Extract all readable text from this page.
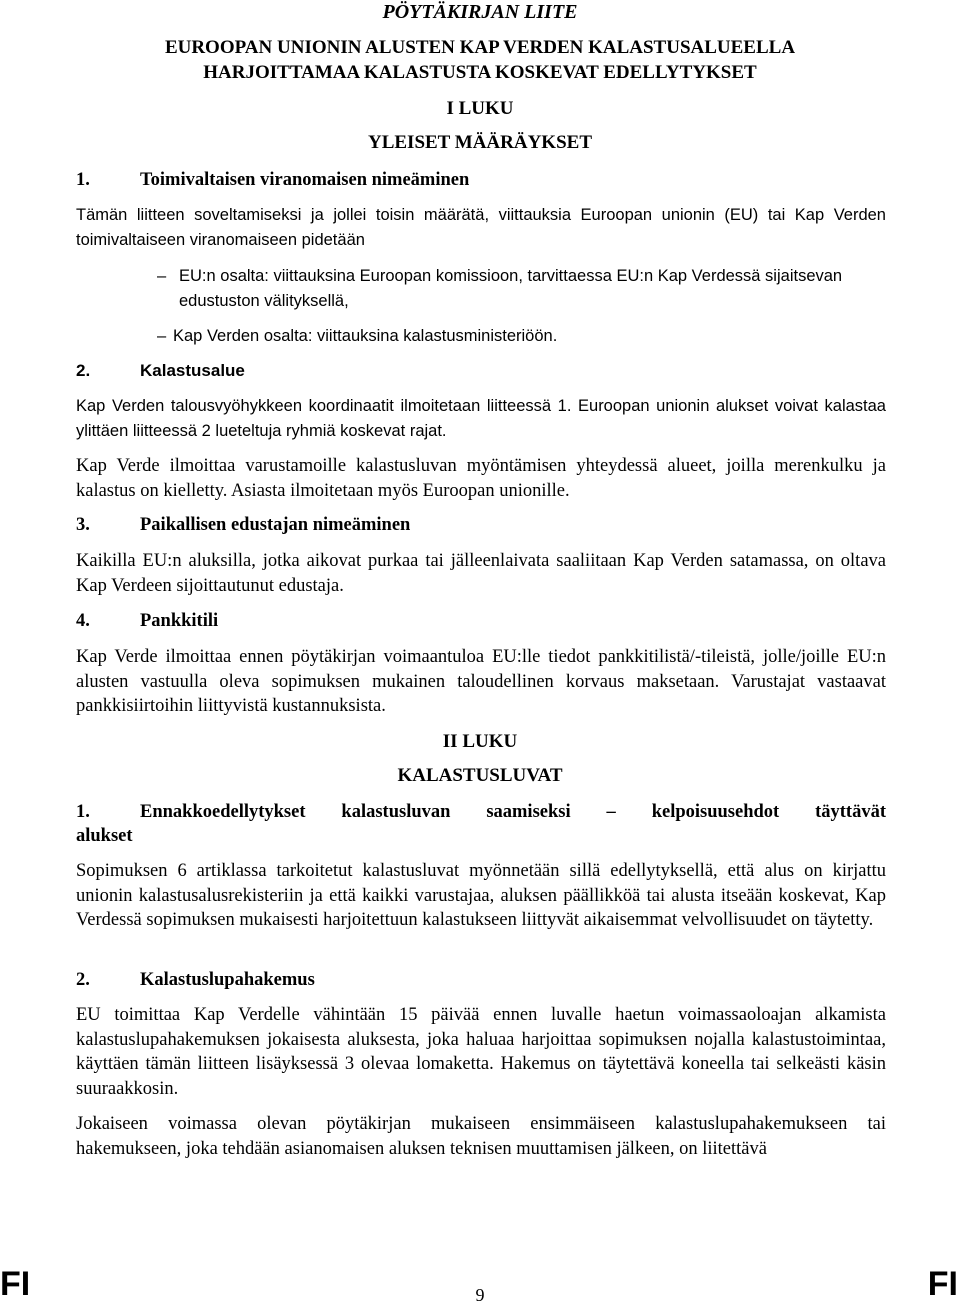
PÖYTÄKIRJAN LIITE
EUROOPAN UNIONIN ALUSTEN KAP VERDEN KALASTUSALUEELLA
HARJOITTAMAA KALASTUSTA KOSKEVAT EDELLYTYKSET
I LUKU
YLEISET MÄÄRÄYKSET
1.	Toimivaltaisen viranomaisen nimeäminen
Tämän liitteen soveltamiseksi ja jollei toisin määrätä, viittauksia Euroopan unionin (EU) tai Kap Verden toimivaltaiseen viranomaiseen pidetään
– EU:n osalta: viittauksina Euroopan komissioon, tarvittaessa EU:n Kap Verdessä sijaitsevan edustuston välityksellä,
– Kap Verden osalta: viittauksina kalastusministeriöön.
2.	Kalastusalue
Kap Verden talousvyöhykkeen koordinaatit ilmoitetaan liitteessä 1. Euroopan unionin alukset voivat kalastaa ylittäen liitteessä 2 lueteltuja ryhmiä koskevat rajat.
Kap Verde ilmoittaa varustamoille kalastusluvan myöntämisen yhteydessä alueet, joilla merenkulku ja kalastus on kielletty. Asiasta ilmoitetaan myös Euroopan unionille.
3.	Paikallisen edustajan nimeäminen
Kaikilla EU:n aluksilla, jotka aikovat purkaa tai jälleenlaivata saaliitaan Kap Verden satamassa, on oltava Kap Verdeen sijoittautunut edustaja.
4.	Pankkitili
Kap Verde ilmoittaa ennen pöytäkirjan voimaantuloa EU:lle tiedot pankkitilistä/-tileistä, jolle/joille EU:n alusten vastuulla oleva sopimuksen mukainen taloudellinen korvaus maksetaan. Varustajat vastaavat pankkisiirtoihin liittyvistä kustannuksista.
II LUKU
KALASTUSLUVAT
1.	Ennakkoedellytykset kalastusluvan saamiseksi – kelpoisuusehdot täyttävät
alukset
Sopimuksen 6 artiklassa tarkoitetut kalastusluvat myönnetään sillä edellytyksellä, että alus on kirjattu unionin kalastusalusrekisteriin ja että kaikki varustajaa, aluksen päällikköä tai alusta itseään koskevat, Kap Verdessä sopimuksen mukaisesti harjoitettuun kalastukseen liittyvät aikaisemmat velvollisuudet on täytetty.
2.	Kalastuslupahakemus
EU toimittaa Kap Verdelle vähintään 15 päivää ennen luvalle haetun voimassaoloajan alkamista kalastuslupahakemuksen jokaisesta aluksesta, joka haluaa harjoittaa sopimuksen nojalla kalastustoimintaa, käyttäen tämän liitteen lisäyksessä 3 olevaa lomaketta. Hakemus on täytettävä koneella tai selkeästi käsin suuraakkosin.
Jokaiseen voimassa olevan pöytäkirjan mukaiseen ensimmäiseen kalastuslupahakemukseen tai hakemukseen, joka tehdään asianomaisen aluksen teknisen muuttamisen jälkeen, on liitettävä
FI	9	FI
